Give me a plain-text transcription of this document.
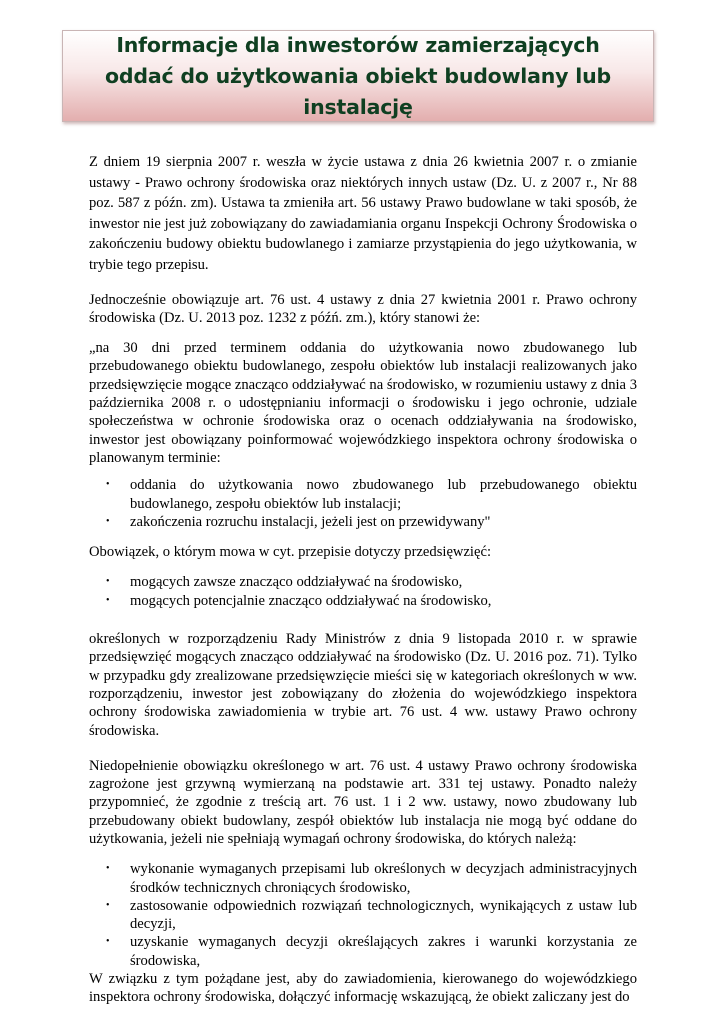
Informacje dla inwestorów zamierzających oddać do użytkowania obiekt budowlany lub instalację

Z dniem 19 sierpnia 2007 r. weszła w życie ustawa z dnia 26 kwietnia 2007 r. o zmianie ustawy - Prawo ochrony środowiska oraz niektórych innych ustaw (Dz. U. z 2007 r., Nr 88 poz. 587 z późn. zm). Ustawa ta zmieniła art. 56 ustawy Prawo budowlane w taki sposób, że inwestor nie jest już zobowiązany do zawiadamiania organu Inspekcji Ochrony Środowiska o zakończeniu budowy obiektu budowlanego i zamiarze przystąpienia do jego użytkowania, w trybie tego przepisu.

Jednocześnie obowiązuje art. 76 ust. 4 ustawy z dnia 27 kwietnia 2001 r. Prawo ochrony środowiska (Dz. U. 2013 poz. 1232 z późń. zm.), który stanowi że:

„na 30 dni przed terminem oddania do użytkowania nowo zbudowanego lub przebudowanego obiektu budowlanego, zespołu obiektów lub instalacji realizowanych jako przedsięwzięcie mogące znacząco oddziaływać na środowisko, w rozumieniu ustawy z dnia 3 października 2008 r. o udostępnianiu informacji o środowisku i jego ochronie, udziale społeczeństwa w ochronie środowiska oraz o ocenach oddziaływania na środowisko, inwestor jest obowiązany poinformować wojewódzkiego inspektora ochrony środowiska o planowanym terminie:

• oddania do użytkowania nowo zbudowanego lub przebudowanego obiektu budowlanego, zespołu obiektów lub instalacji;
• zakończenia rozruchu instalacji, jeżeli jest on przewidywany"

Obowiązek, o którym mowa w cyt. przepisie dotyczy przedsięwzięć:

• mogących zawsze znacząco oddziaływać na środowisko,
• mogących potencjalnie znacząco oddziaływać na środowisko,

określonych w rozporządzeniu Rady Ministrów z dnia 9 listopada 2010 r. w sprawie przedsięwzięć mogących znacząco oddziaływać na środowisko (Dz. U. 2016 poz. 71). Tylko w przypadku gdy zrealizowane przedsięwzięcie mieści się w kategoriach określonych w ww. rozporządzeniu, inwestor jest zobowiązany do złożenia do wojewódzkiego inspektora ochrony środowiska zawiadomienia w trybie art. 76 ust. 4 ww. ustawy Prawo ochrony środowiska.

Niedopełnienie obowiązku określonego w art. 76 ust. 4 ustawy Prawo ochrony środowiska zagrożone jest grzywną wymierzaną na podstawie art. 331 tej ustawy. Ponadto należy przypomnieć, że zgodnie z treścią art. 76 ust. 1 i 2 ww. ustawy, nowo zbudowany lub przebudowany obiekt budowlany, zespół obiektów lub instalacja nie mogą być oddane do użytkowania, jeżeli nie spełniają wymagań ochrony środowiska, do których należą:

• wykonanie wymaganych przepisami lub określonych w decyzjach administracyjnych środków technicznych chroniących środowisko,
• zastosowanie odpowiednich rozwiązań technologicznych, wynikających z ustaw lub decyzji,
• uzyskanie wymaganych decyzji określających zakres i warunki korzystania ze środowiska,

W związku z tym pożądane jest, aby do zawiadomienia, kierowanego do wojewódzkiego inspektora ochrony środowiska, dołączyć informację wskazującą, że obiekt zaliczany jest do
